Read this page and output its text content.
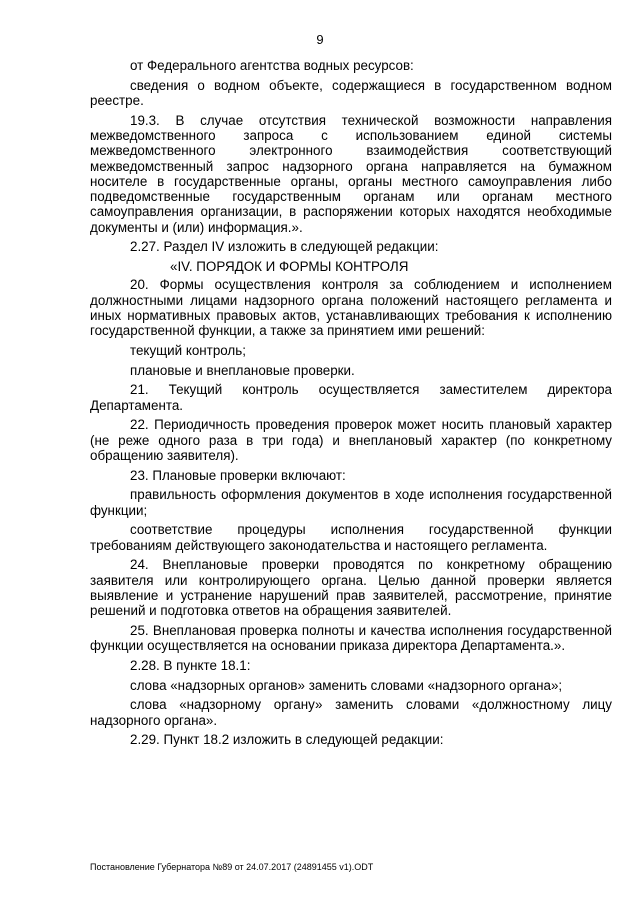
9

от Федерального агентства водных ресурсов:

сведения о водном объекте, содержащиеся в государственном водном реестре.

19.3. В случае отсутствия технической возможности направления межведомственного запроса с использованием единой системы межведомственного электронного взаимодействия соответствующий межведомственный запрос надзорного органа направляется на бумажном носителе в государственные органы, органы местного самоуправления либо подведомственные государственным органам или органам местного самоуправления организации, в распоряжении которых находятся необходимые документы и (или) информация.».

2.27. Раздел IV изложить в следующей редакции:

«IV. ПОРЯДОК И ФОРМЫ КОНТРОЛЯ

20. Формы осуществления контроля за соблюдением и исполнением должностными лицами надзорного органа положений настоящего регламента и иных нормативных правовых актов, устанавливающих требования к исполнению государственной функции, а также за принятием ими решений:

текущий контроль;

плановые и внеплановые проверки.

21. Текущий контроль осуществляется заместителем директора Департамента.

22. Периодичность проведения проверок может носить плановый характер (не реже одного раза в три года) и внеплановый характер (по конкретному обращению заявителя).

23. Плановые проверки включают:

правильность оформления документов в ходе исполнения государственной функции;

соответствие процедуры исполнения государственной функции требованиям действующего законодательства и настоящего регламента.

24. Внеплановые проверки проводятся по конкретному обращению заявителя или контролирующего органа. Целью данной проверки является выявление и устранение нарушений прав заявителей, рассмотрение, принятие решений и подготовка ответов на обращения заявителей.

25. Внеплановая проверка полноты и качества исполнения государственной функции осуществляется на основании приказа директора Департамента.».

2.28. В пункте 18.1:

слова «надзорных органов» заменить словами «надзорного органа»;

слова «надзорному органу» заменить словами «должностному лицу надзорного органа».

2.29. Пункт 18.2 изложить в следующей редакции:

Постановление Губернатора №89 от 24.07.2017 (24891455 v1).ODT
